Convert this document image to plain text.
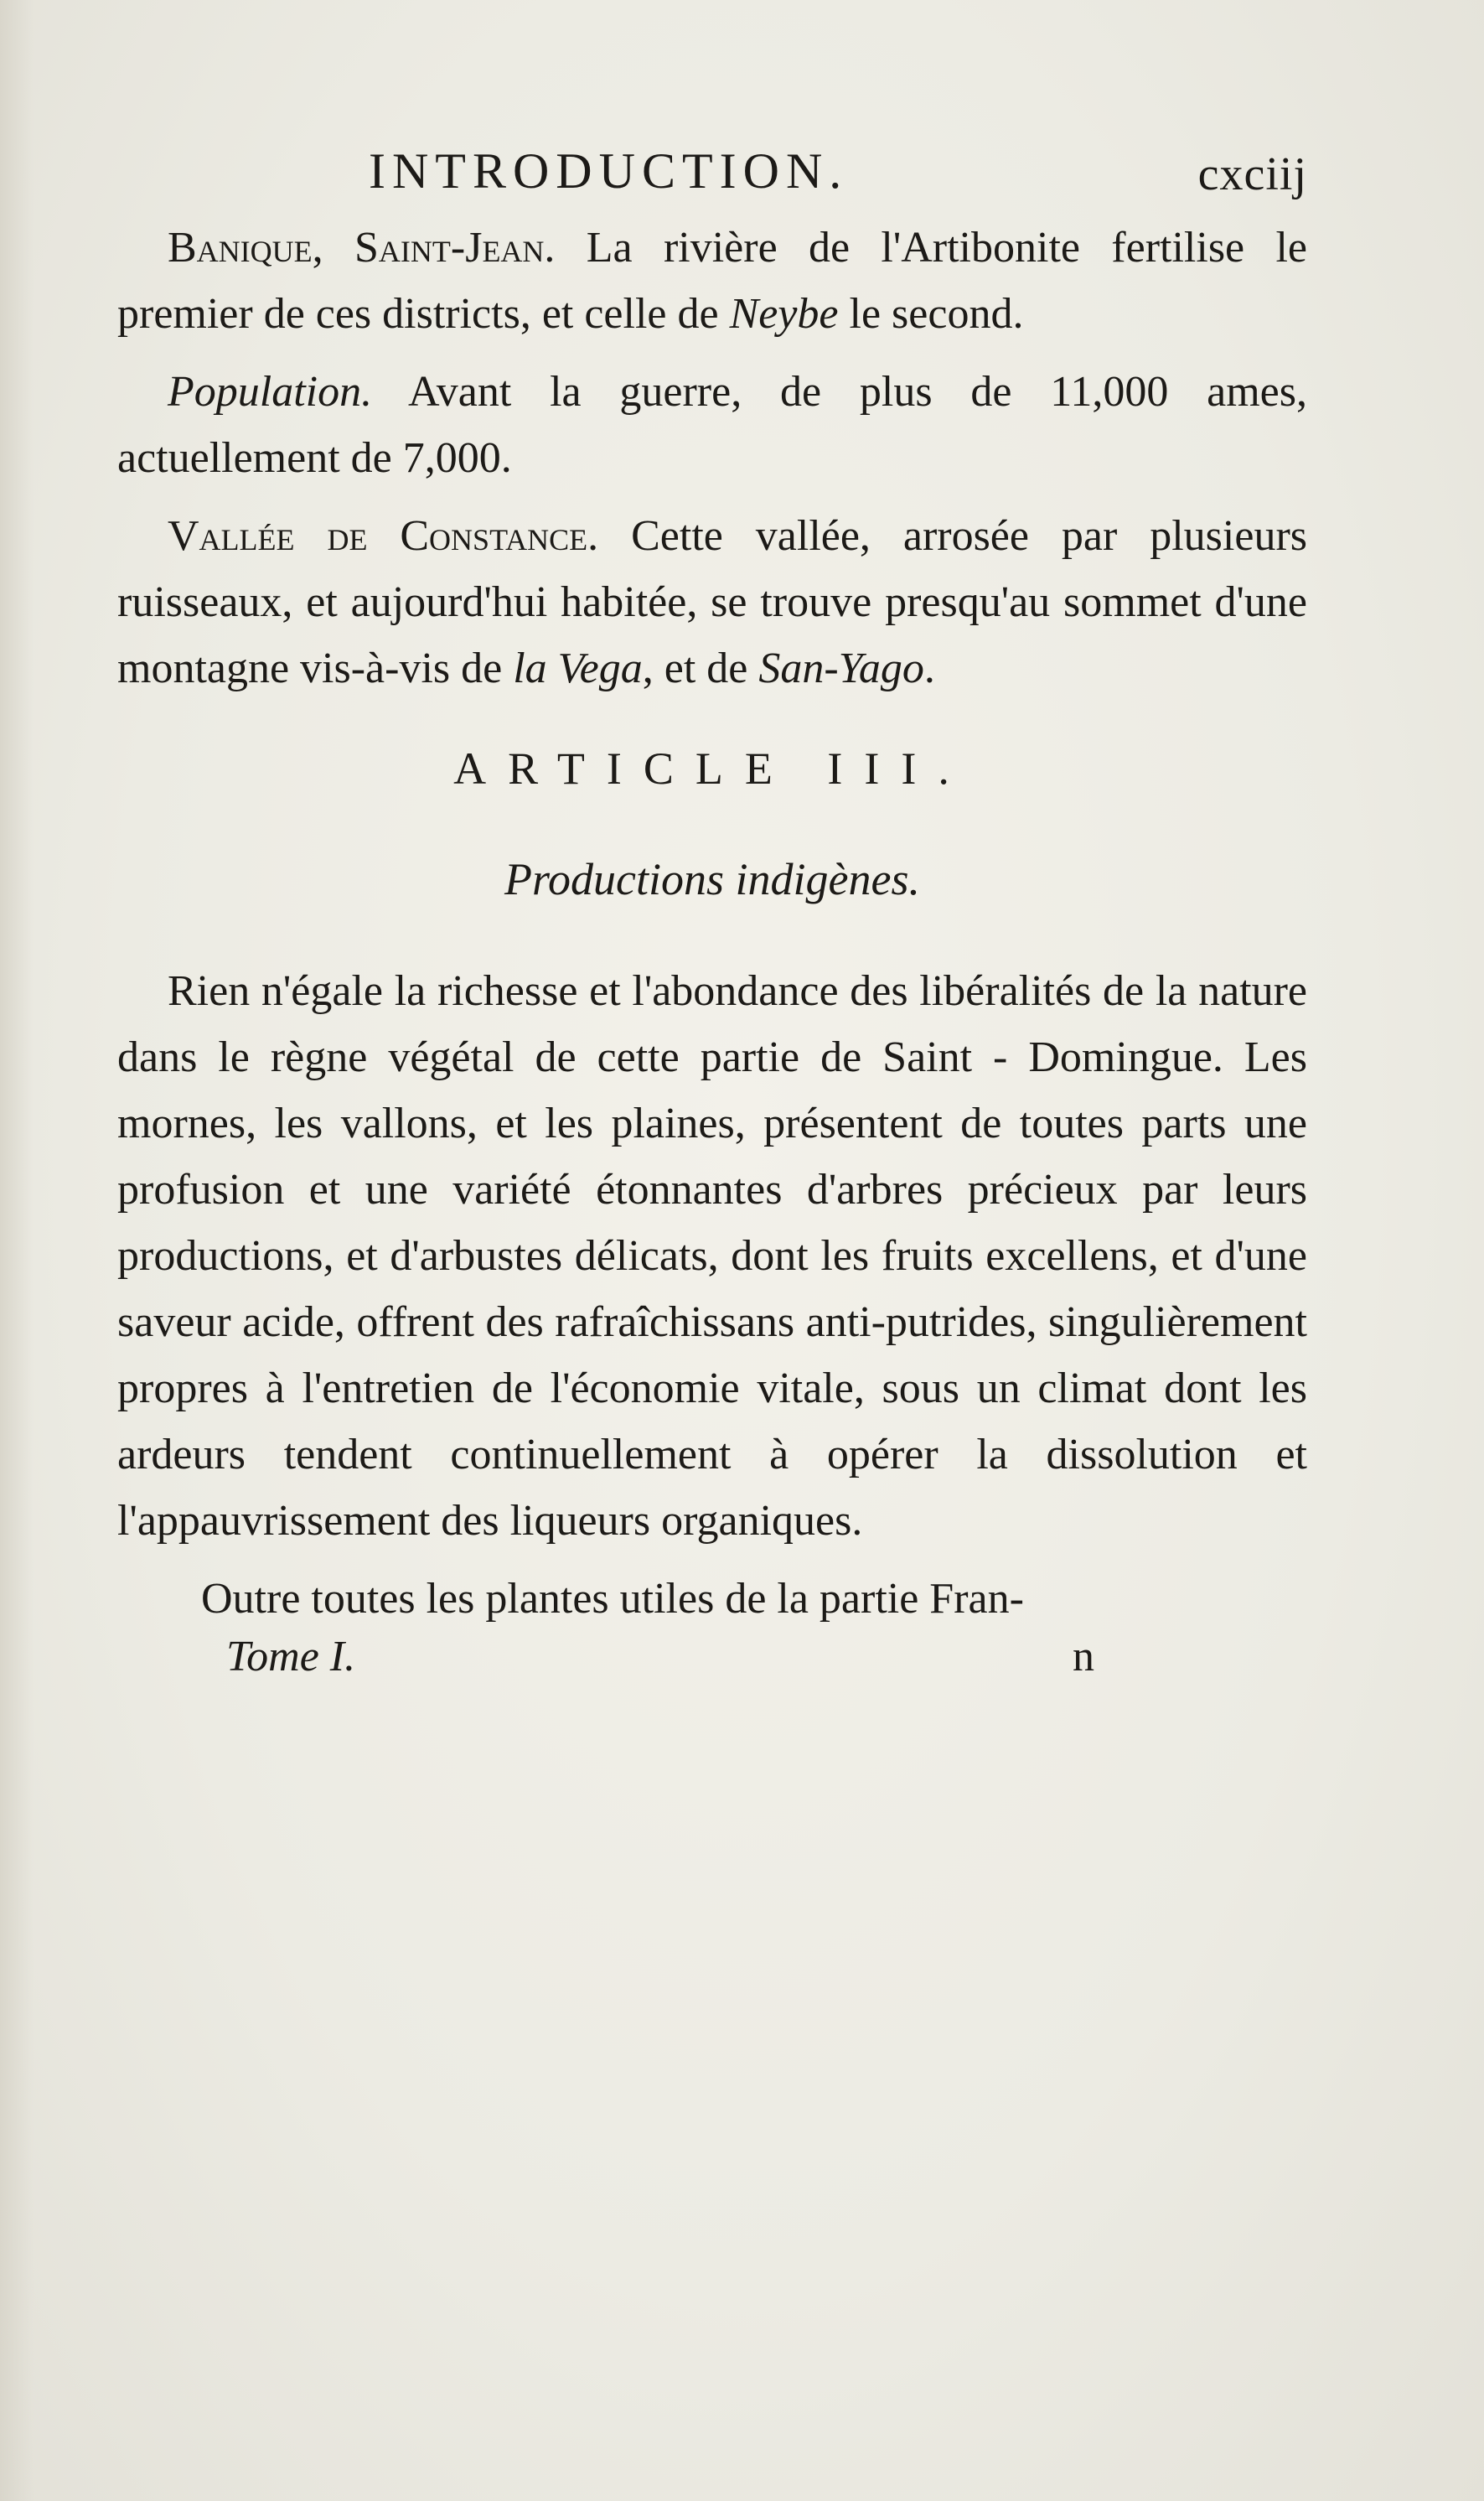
INTRODUCTION.	cxciij

Banique, Saint-Jean. La rivière de l'Artibonite fertilise le premier de ces districts, et celle de Neybe le second.

Population. Avant la guerre, de plus de 11,000 ames, actuellement de 7,000.

Vallée de Constance. Cette vallée, arrosée par plusieurs ruisseaux, et aujourd'hui habitée, se trouve presqu'au sommet d'une montagne vis-à-vis de la Vega, et de San-Yago.

ARTICLE III.
Productions indigènes.

Rien n'égale la richesse et l'abondance des libéralités de la nature dans le règne végétal de cette partie de Saint - Domingue. Les mornes, les vallons, et les plaines, présentent de toutes parts une profusion et une variété étonnantes d'arbres précieux par leurs productions, et d'arbustes délicats, dont les fruits excellens, et d'une saveur acide, offrent des rafraîchissans anti-putrides, singulièrement propres à l'entretien de l'économie vitale, sous un climat dont les ardeurs tendent continuellement à opérer la dissolution et l'appauvrissement des liqueurs organiques.

Outre toutes les plantes utiles de la partie Fran-

Tome I.	n
